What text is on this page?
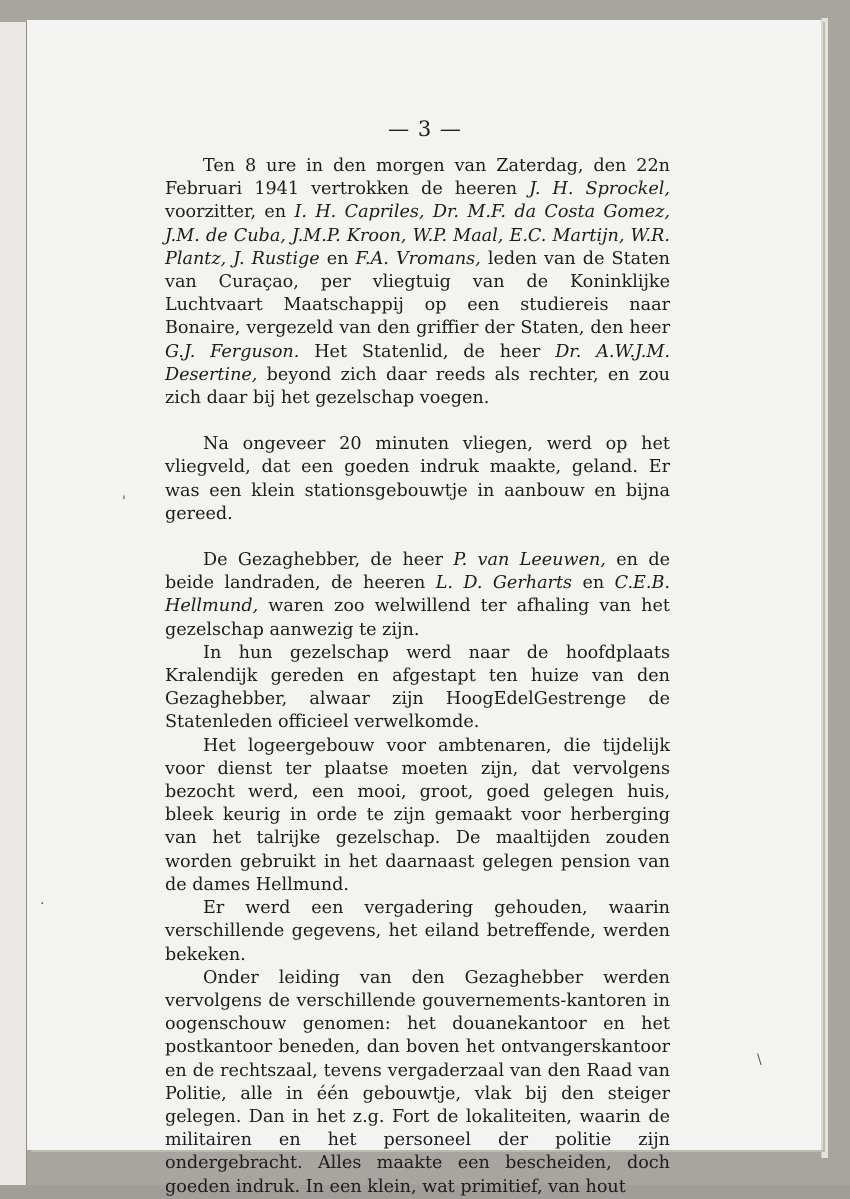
— 3 —

Ten 8 ure in den morgen van Zaterdag, den 22n Februari 1941 vertrokken de heeren J. H. Sprockel, voorzitter, en I. H. Capriles, Dr. M.F. da Costa Gomez, J.M. de Cuba, J.M.P. Kroon, W.P. Maal, E.C. Martijn, W.R. Plantz, J. Rustige en F.A. Vromans, leden van de Staten van Curaçao, per vliegtuig van de Koninklijke Luchtvaart Maatschappij op een studiereis naar Bonaire, vergezeld van den griffier der Staten, den heer G.J. Ferguson. Het Statenlid, de heer Dr. A.W.J.M. Desertine, beyond zich daar reeds als rechter, en zou zich daar bij het gezelschap voegen.

Na ongeveer 20 minuten vliegen, werd op het vliegveld, dat een goeden indruk maakte, geland. Er was een klein stationsgebouwtje in aanbouw en bijna gereed.

De Gezaghebber, de heer P. van Leeuwen, en de beide landraden, de heeren L. D. Gerharts en C.E.B. Hellmund, waren zoo welwillend ter afhaling van het gezelschap aanwezig te zijn.

In hun gezelschap werd naar de hoofdplaats Kralendijk gereden en afgestapt ten huize van den Gezaghebber, alwaar zijn HoogEdelGestrenge de Statenleden officieel verwelkomde.

Het logeergebouw voor ambtenaren, die tijdelijk voor dienst ter plaatse moeten zijn, dat vervolgens bezocht werd, een mooi, groot, goed gelegen huis, bleek keurig in orde te zijn gemaakt voor herberging van het talrijke gezelschap. De maaltijden zouden worden gebruikt in het daarnaast gelegen pension van de dames Hellmund.

Er werd een vergadering gehouden, waarin verschillende gegevens, het eiland betreffende, werden bekeken.

Onder leiding van den Gezaghebber werden vervolgens de verschillende gouvernements-kantoren in oogenschouw genomen: het douanekantoor en het postkantoor beneden, dan boven het ontvangerskantoor en de rechtszaal, tevens vergaderzaal van den Raad van Politie, alle in één gebouwtje, vlak bij den steiger gelegen. Dan in het z.g. Fort de lokaliteiten, waarin de militairen en het personeel der politie zijn ondergebracht. Alles maakte een bescheiden, doch goeden indruk. In een klein, wat primitief, van hout

'
·
\
